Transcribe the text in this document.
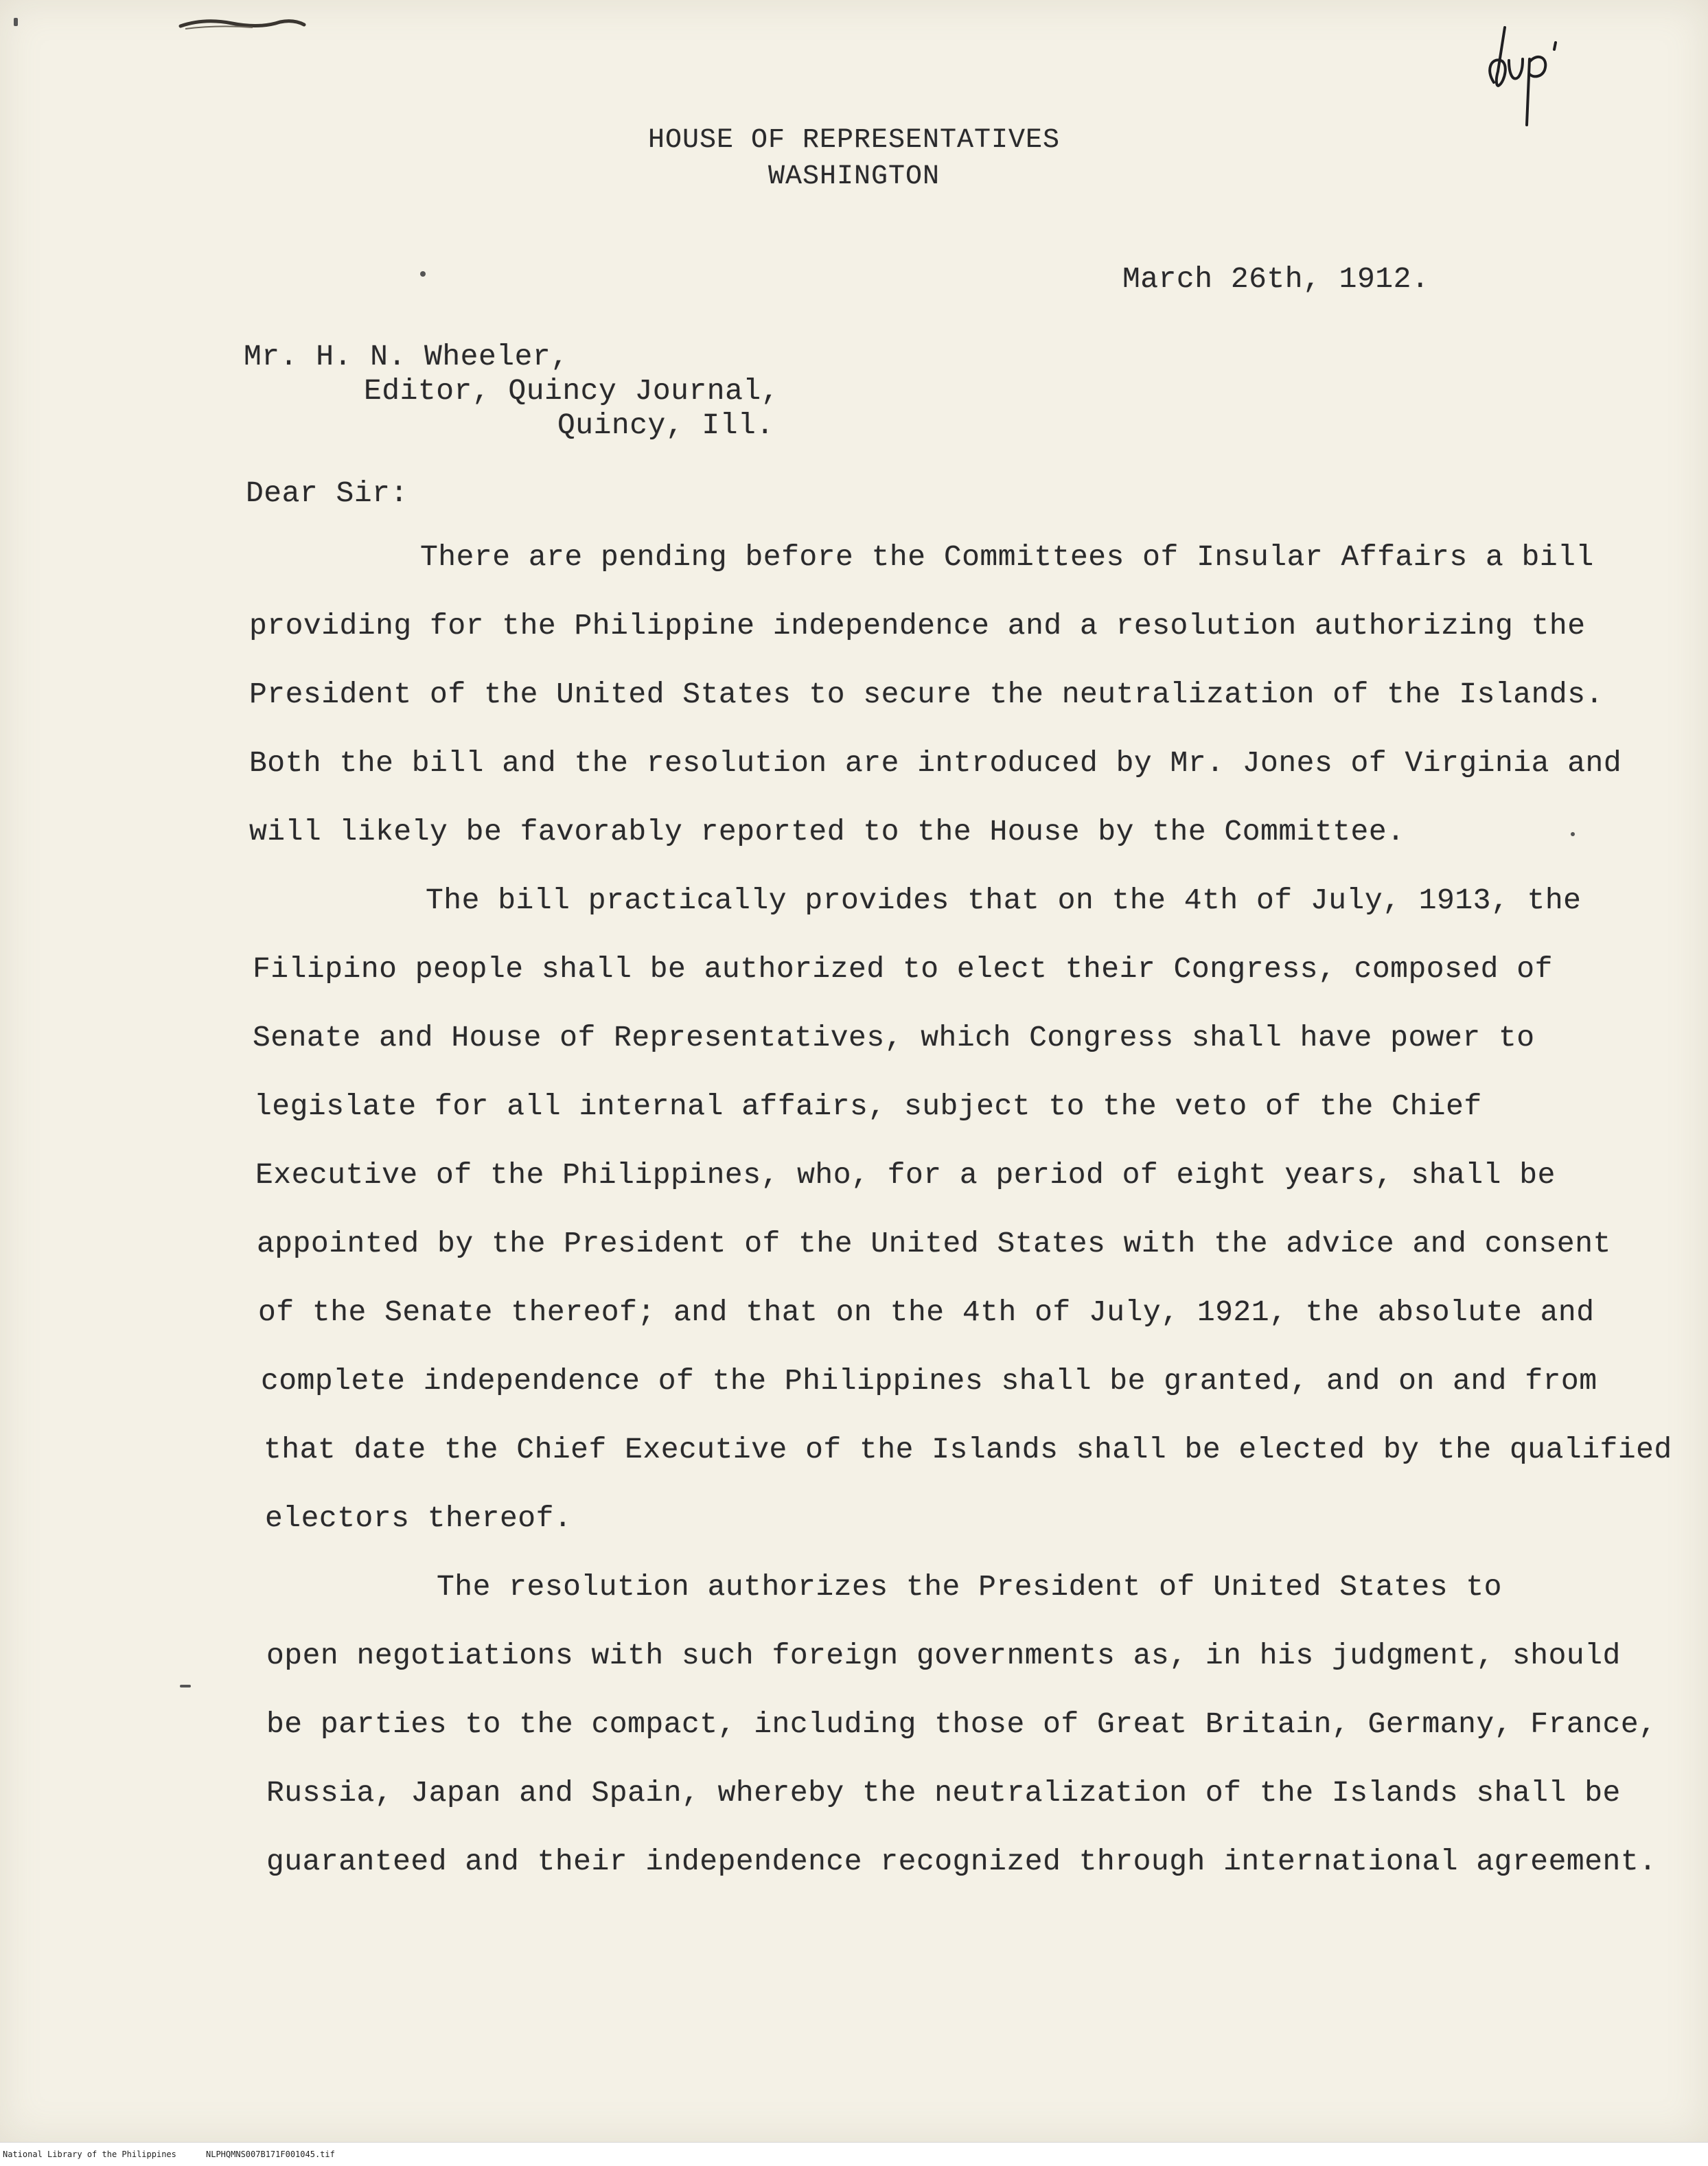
HOUSE OF REPRESENTATIVES
WASHINGTON
March 26th, 1912.
Mr. H. N. Wheeler,
Editor, Quincy Journal,
Quincy, Ill.
Dear Sir:
There are pending before the Committees of Insular Affairs a bill
providing for the Philippine independence and a resolution authorizing the
President of the United States to secure the neutralization of the Islands.
Both the bill and the resolution are introduced by Mr. Jones of Virginia and
will likely be favorably reported to the House by the Committee.
The bill practically provides that on the 4th of July, 1913, the
Filipino people shall be authorized to elect their Congress, composed of
Senate and House of Representatives, which Congress shall have power to
legislate for all internal affairs, subject to the veto of the Chief
Executive of the Philippines, who, for a period of eight years, shall be
appointed by the President of the United States with the advice and consent
of the Senate thereof; and that on the 4th of July, 1921, the absolute and
complete independence of the Philippines shall be granted, and on and from
that date the Chief Executive of the Islands shall be elected by the qualified
electors thereof.
The resolution authorizes the President of United States to
open negotiations with such foreign governments as, in his judgment, should
be parties to the compact, including those of Great Britain, Germany, France,
Russia, Japan and Spain, whereby the neutralization of the Islands shall be
guaranteed and their independence recognized through international agreement.
National Library of the Philippines	NLPHQMNS007B171F001045.tif
